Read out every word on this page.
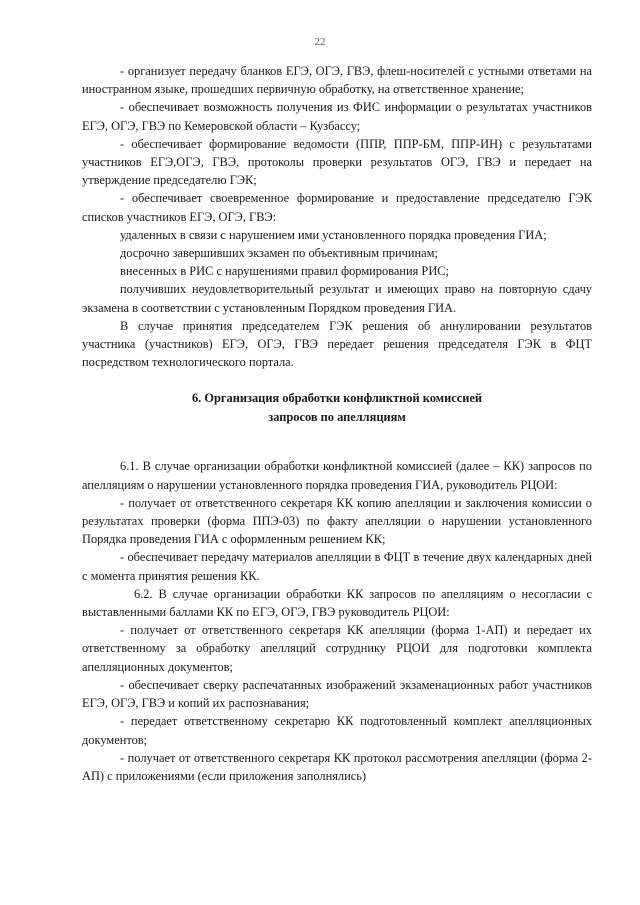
22

- организует передачу бланков ЕГЭ, ОГЭ, ГВЭ, флеш-носителей с устными ответами на иностранном языке, прошедших первичную обработку, на ответственное хранение;

- обеспечивает возможность получения из ФИС информации о результатах участников ЕГЭ, ОГЭ, ГВЭ по Кемеровской области – Кузбассу;

- обеспечивает формирование ведомости (ППР, ППР-БМ, ППР-ИН) с результатами участников ЕГЭ,ОГЭ, ГВЭ, протоколы проверки результатов ОГЭ, ГВЭ и передает на утверждение председателю ГЭК;

- обеспечивает своевременное формирование и предоставление председателю ГЭК списков участников ЕГЭ, ОГЭ, ГВЭ:

удаленных в связи с нарушением ими установленного порядка проведения ГИА;

досрочно завершивших экзамен по объективным причинам;

внесенных в РИС с нарушениями правил формирования РИС;

получивших неудовлетворительный результат и имеющих право на повторную сдачу экзамена в соответствии с установленным Порядком проведения ГИА.

В случае принятия председателем ГЭК решения об аннулировании результатов участника (участников) ЕГЭ, ОГЭ, ГВЭ передает решения председателя ГЭК в ФЦТ посредством технологического портала.

6. Организация обработки конфликтной комиссией
запросов по апелляциям

6.1. В случае организации обработки конфликтной комиссией (далее – КК) запросов по апелляциям о нарушении установленного порядка проведения ГИА, руководитель РЦОИ:

- получает от ответственного секретаря КК копию апелляции и заключения комиссии о результатах проверки (форма ППЭ-03) по факту апелляции о нарушении установленного Порядка проведения ГИА с оформленным решением КК;

- обеспечивает передачу материалов апелляции в ФЦТ в течение двух календарных дней с момента принятия решения КК.

6.2. В случае организации обработки КК запросов по апелляциям о несогласии с выставленными баллами КК по ЕГЭ, ОГЭ, ГВЭ руководитель РЦОИ:

- получает от ответственного секретаря КК апелляции (форма 1-АП) и передает их ответственному за обработку апелляций сотруднику РЦОИ для подготовки комплекта апелляционных документов;

- обеспечивает сверку распечатанных изображений экзаменационных работ участников ЕГЭ, ОГЭ, ГВЭ и копий их распознавания;

- передает ответственному секретарю КК подготовленный комплект апелляционных документов;

- получает от ответственного секретаря КК протокол рассмотрения апелляции (форма 2-АП) с приложениями (если приложения заполнялись)
